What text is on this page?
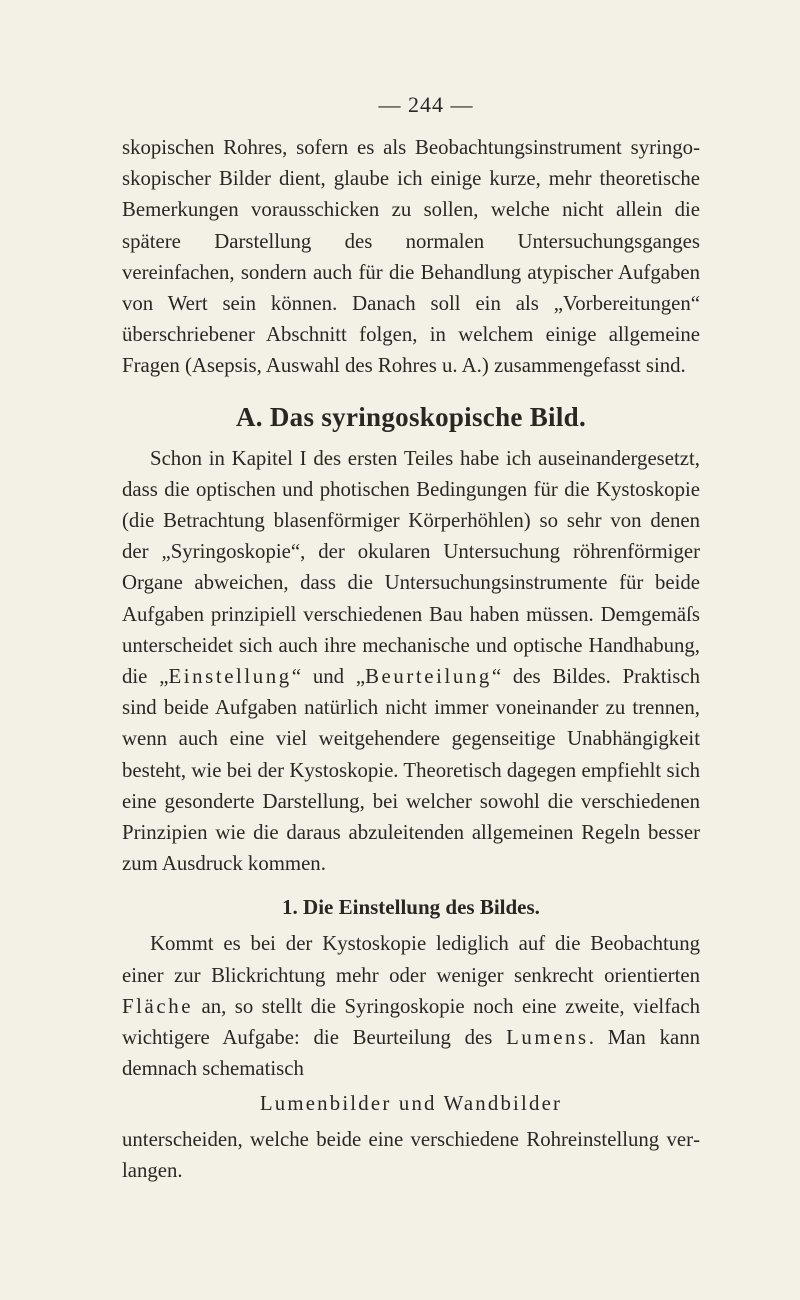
— 244 —

skopischen Rohres, sofern es als Beobachtungsinstrument syringoskopischer Bilder dient, glaube ich einige kurze, mehr theoretische Bemerkungen vorausschicken zu sollen, welche nicht allein die spätere Darstellung des normalen Untersuchungsganges vereinfachen, sondern auch für die Behandlung atypischer Aufgaben von Wert sein können. Danach soll ein als „Vorbereitungen“ überschriebener Abschnitt folgen, in welchem einige allgemeine Fragen (Asepsis, Auswahl des Rohres u. A.) zusammengefasst sind.

A. Das syringoskopische Bild.

Schon in Kapitel I des ersten Teiles habe ich auseinandergesetzt, dass die optischen und photischen Bedingungen für die Kystoskopie (die Betrachtung blasenförmiger Körperhöhlen) so sehr von denen der „Syringoskopie“, der okularen Untersuchung röhrenförmiger Organe abweichen, dass die Untersuchungsinstrumente für beide Aufgaben prinzipiell verschiedenen Bau haben müssen. Demgemäſs unterscheidet sich auch ihre mechanische und optische Handhabung, die „Einstellung“ und „Beurteilung“ des Bildes. Praktisch sind beide Aufgaben natürlich nicht immer voneinander zu trennen, wenn auch eine viel weitgehendere gegenseitige Unabhängigkeit besteht, wie bei der Kystoskopie. Theoretisch dagegen empfiehlt sich eine gesonderte Darstellung, bei welcher sowohl die verschiedenen Prinzipien wie die daraus abzuleitenden allgemeinen Regeln besser zum Ausdruck kommen.

1. Die Einstellung des Bildes.

Kommt es bei der Kystoskopie lediglich auf die Beobachtung einer zur Blickrichtung mehr oder weniger senkrecht orientierten Fläche an, so stellt die Syringoskopie noch eine zweite, vielfach wichtigere Aufgabe: die Beurteilung des Lumens. Man kann demnach schematisch

Lumenbilder und Wandbilder

unterscheiden, welche beide eine verschiedene Rohreinstellung verlangen.
